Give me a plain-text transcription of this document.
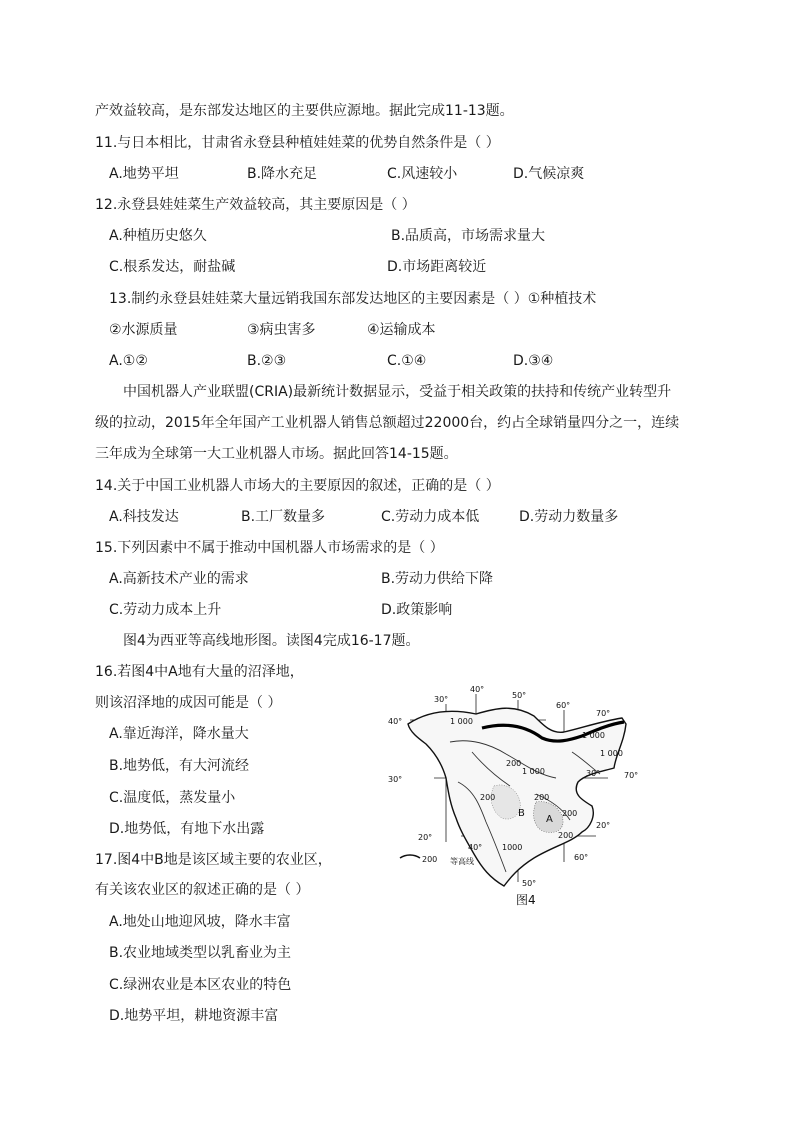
产效益较高，是东部发达地区的主要供应源地。据此完成11-13题。
11.与日本相比，甘肃省永登县种植娃娃菜的优势自然条件是（ ）
A.地势平坦	B.降水充足	C.风速较小	D.气候凉爽
12.永登县娃娃菜生产效益较高，其主要原因是（ ）
A.种植历史悠久	B.品质高，市场需求量大
C.根系发达，耐盐碱	D.市场距离较近
13.制约永登县娃娃菜大量远销我国东部发达地区的主要因素是（ ）①种植技术
②水源质量	③病虫害多	④运输成本
A.①②	B.②③	C.①④	D.③④
中国机器人产业联盟(CRIA)最新统计数据显示，受益于相关政策的扶持和传统产业转型升
级的拉动，2015年全年国产工业机器人销售总额超过22000台，约占全球销量四分之一，连续
三年成为全球第一大工业机器人市场。据此回答14-15题。
14.关于中国工业机器人市场大的主要原因的叙述，正确的是（ ）
A.科技发达	B.工厂数量多	C.劳动力成本低	D.劳动力数量多
15.下列因素中不属于推动中国机器人市场需求的是（ ）
A.高新技术产业的需求	B.劳动力供给下降
C.劳动力成本上升	D.政策影响
图4为西亚等高线地形图。读图4完成16-17题。
16.若图4中A地有大量的沼泽地，
则该沼泽地的成因可能是（ ）
A.靠近海洋，降水量大
B.地势低，有大河流经
C.温度低，蒸发量小
D.地势低，有地下水出露
17.图4中B地是该区域主要的农业区，
有关该农业区的叙述正确的是（ ）
A.地处山地迎风坡，降水丰富
B.农业地域类型以乳畜业为主
C.绿洲农业是本区农业的特色
D.地势平坦，耕地资源丰富
40°
30°
20°
30°
20°
30°
40°
50°
60°
70°
70°
60°
50°
40°
1 000
200
1 000
1 000
1 000
200
200
200
1000
200
B
A
200 等高线
图4
